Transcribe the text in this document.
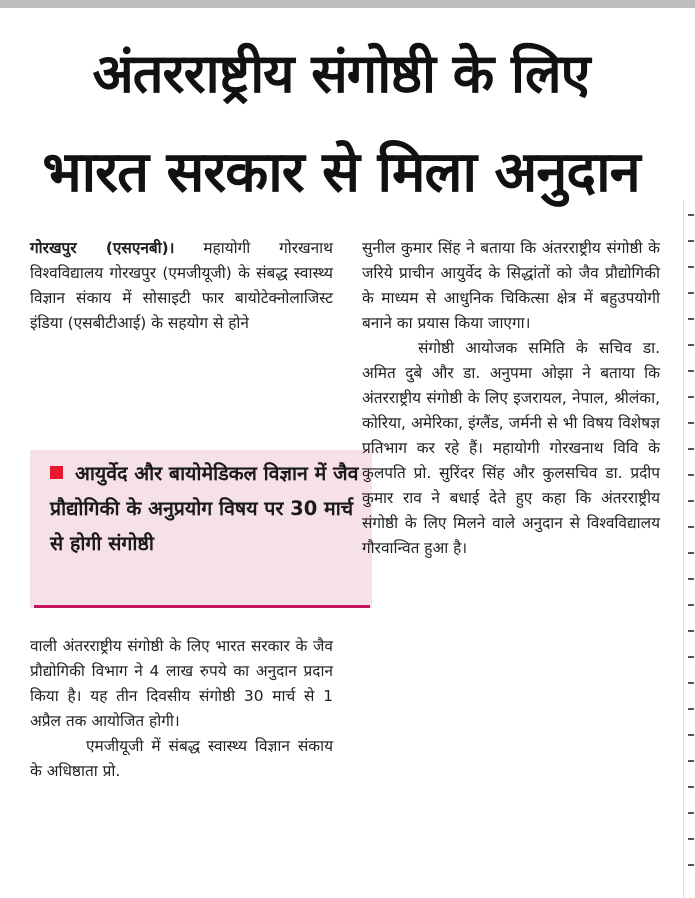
अंतरराष्ट्रीय संगोष्ठी के लिए
भारत सरकार से मिला अनुदान

गोरखपुर (एसएनबी)। महायोगी गोरखनाथ विश्वविद्यालय गोरखपुर (एमजीयूजी) के संबद्ध स्वास्थ्य विज्ञान संकाय में सोसाइटी फार बायोटेक्नोलाजिस्ट इंडिया (एसबीटीआई) के सहयोग से होने

आयुर्वेद और बायोमेडिकल विज्ञान में जैव प्रौद्योगिकी के अनुप्रयोग विषय पर 30 मार्च से होगी संगोष्ठी

वाली अंतरराष्ट्रीय संगोष्ठी के लिए भारत सरकार के जैव प्रौद्योगिकी विभाग ने 4 लाख रुपये का अनुदान प्रदान किया है। यह तीन दिवसीय संगोष्ठी 30 मार्च से 1 अप्रैल तक आयोजित होगी।

एमजीयूजी में संबद्ध स्वास्थ्य विज्ञान संकाय के अधिष्ठाता प्रो.

सुनील कुमार सिंह ने बताया कि अंतरराष्ट्रीय संगोष्ठी के जरिये प्राचीन आयुर्वेद के सिद्धांतों को जैव प्रौद्योगिकी के माध्यम से आधुनिक चिकित्सा क्षेत्र में बहुउपयोगी बनाने का प्रयास किया जाएगा।

संगोष्ठी आयोजक समिति के सचिव डा. अमित दुबे और डा. अनुपमा ओझा ने बताया कि अंतरराष्ट्रीय संगोष्ठी के लिए इजरायल, नेपाल, श्रीलंका, कोरिया, अमेरिका, इंग्लैंड, जर्मनी से भी विषय विशेषज्ञ प्रतिभाग कर रहे हैं। महायोगी गोरखनाथ विवि के कुलपति प्रो. सुरिंदर सिंह और कुलसचिव डा. प्रदीप कुमार राव ने बधाई देते हुए कहा कि अंतरराष्ट्रीय संगोष्ठी के लिए मिलने वाले अनुदान से विश्वविद्यालय गौरवान्वित हुआ है।
